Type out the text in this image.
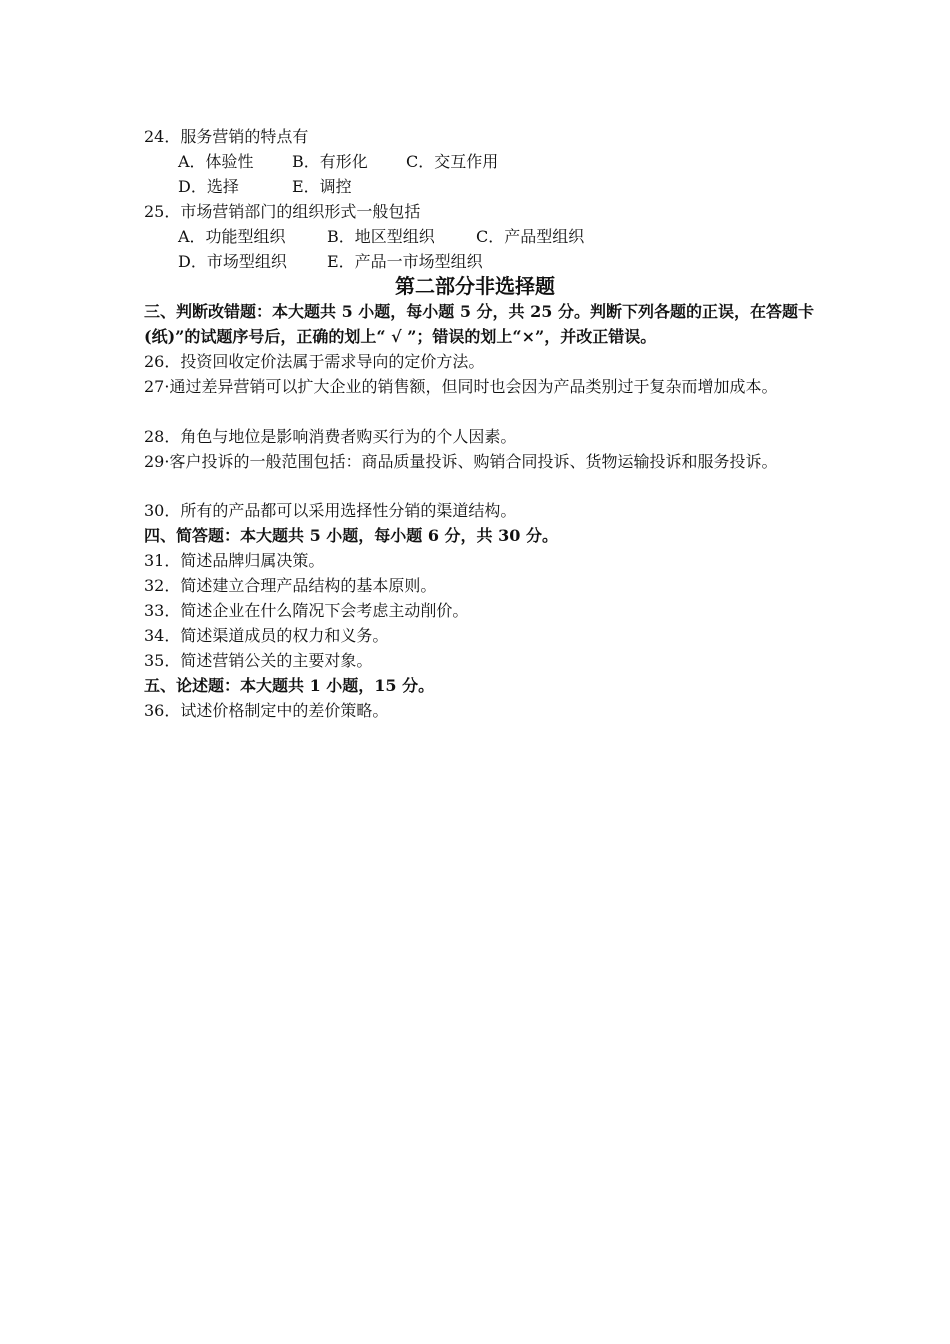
24．服务营销的特点有
A．体验性 B．有形化 C．交互作用
D．选择	E．调控
25．市场营销部门的组织形式一般包括
A．功能型组织	B．地区型组织	C．产品型组织
D．市场型组织	E．产品一市场型组织
第二部分非选择题
三、判断改错题：本大题共 5 小题，每小题 5 分，共 25 分。判断下列各题的正误，在答题卡(纸)”的试题序号后，正确的划上“ √ ”；错误的划上“×”，并改正错误。
26．投资回收定价法属于需求导向的定价方法。
27·通过差异营销可以扩大企业的销售额，但同时也会因为产品类别过于复杂而增加成本。
28．角色与地位是影响消费者购买行为的个人因素。
29·客户投诉的一般范围包括：商品质量投诉、购销合同投诉、货物运输投诉和服务投诉。
30．所有的产品都可以采用选择性分销的渠道结构。
四、简答题：本大题共 5 小题，每小题 6 分，共 30 分。
31．简述品牌归属决策。
32．简述建立合理产品结构的基本原则。
33．简述企业在什么隋况下会考虑主动削价。
34．简述渠道成员的权力和义务。
35．简述营销公关的主要对象。
五、论述题：本大题共 1 小题，15 分。
36．试述价格制定中的差价策略。
